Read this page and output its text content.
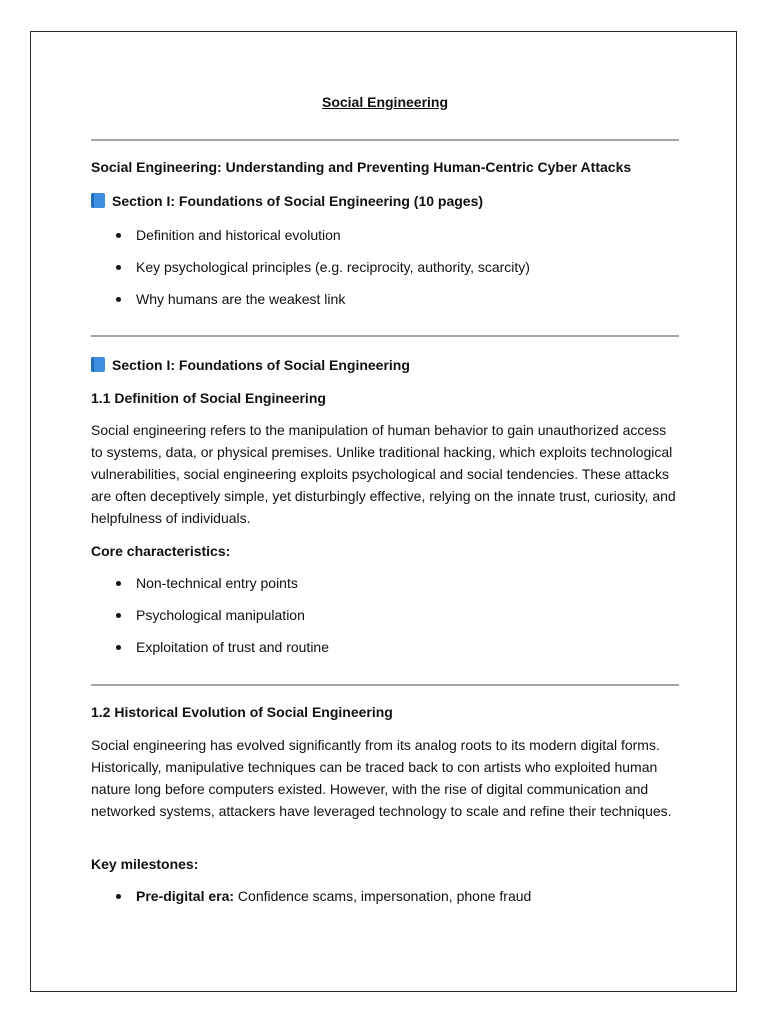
Social Engineering

Social Engineering: Understanding and Preventing Human-Centric Cyber Attacks

Section I: Foundations of Social Engineering (10 pages)

Definition and historical evolution
Key psychological principles (e.g. reciprocity, authority, scarcity)
Why humans are the weakest link

Section I: Foundations of Social Engineering

1.1 Definition of Social Engineering

Social engineering refers to the manipulation of human behavior to gain unauthorized access to systems, data, or physical premises. Unlike traditional hacking, which exploits technological vulnerabilities, social engineering exploits psychological and social tendencies. These attacks are often deceptively simple, yet disturbingly effective, relying on the innate trust, curiosity, and helpfulness of individuals.

Core characteristics:

Non-technical entry points
Psychological manipulation
Exploitation of trust and routine

1.2 Historical Evolution of Social Engineering

Social engineering has evolved significantly from its analog roots to its modern digital forms. Historically, manipulative techniques can be traced back to con artists who exploited human nature long before computers existed. However, with the rise of digital communication and networked systems, attackers have leveraged technology to scale and refine their techniques.

Key milestones:

Pre-digital era: Confidence scams, impersonation, phone fraud
